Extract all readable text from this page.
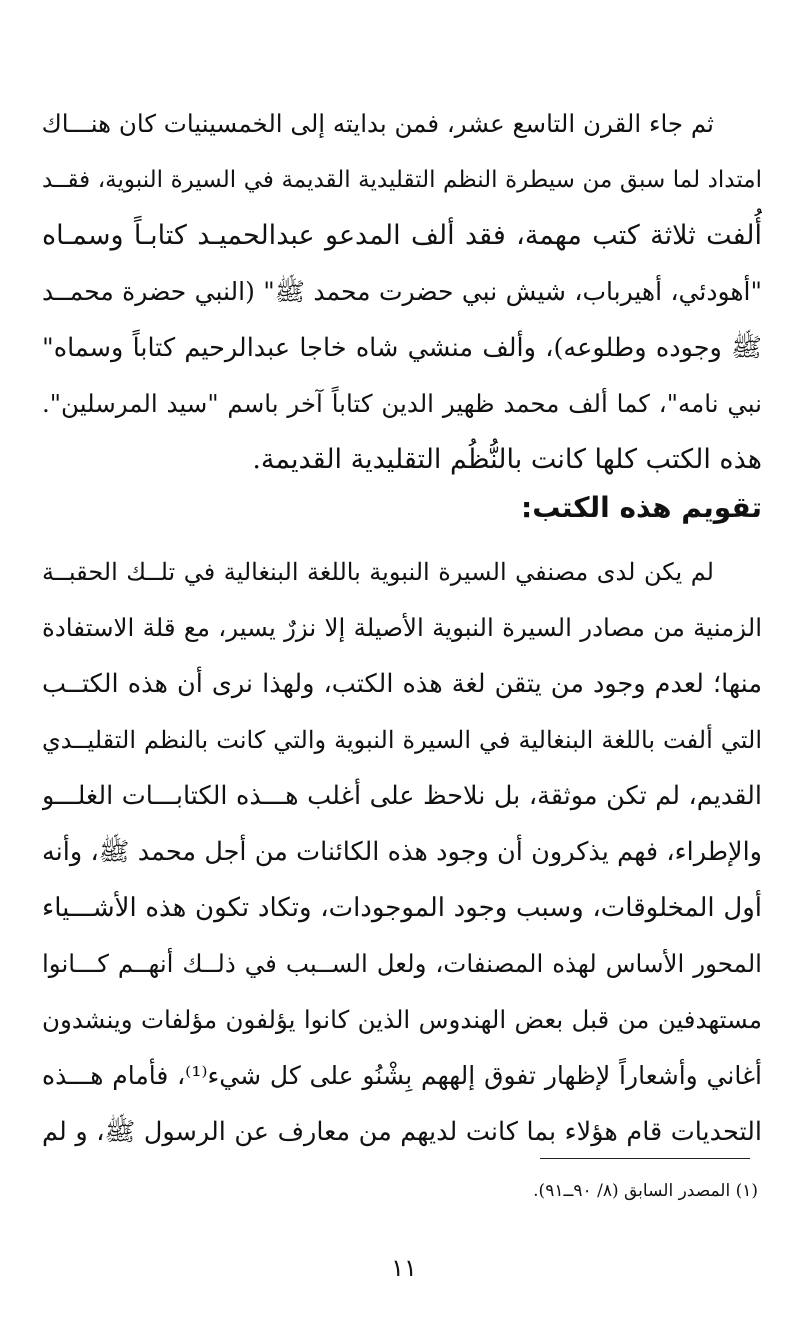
ثم جاء القرن التاسع عشر، فمن بدايته إلى الخمسينيات كان هنـــاك
امتداد لما سبق من سيطرة النظم التقليدية القديمة في السيرة النبوية، فقــد
أُلفت ثلاثة كتب مهمة، فقد ألف المدعو عبدالحميـد كتابـاً وسمـاه
"أهودئي، أهيرباب، شيش نبي حضرت محمد ﷺ" (النبي حضرة محمــد
ﷺ وجوده وطلوعه)، وألف منشي شاه خاجا عبدالرحيم كتاباً وسماه"
نبي نامه"، كما ألف محمد ظهير الدين كتاباً آخر باسم "سيد المرسلين".
هذه الكتب كلها كانت بالنُّظُم التقليدية القديمة.
تقويم هذه الكتب:
لم يكن لدى مصنفي السيرة النبوية باللغة البنغالية في تلــك الحقبــة
الزمنية من مصادر السيرة النبوية الأصيلة إلا نزرٌ يسير، مع قلة الاستفادة
منها؛ لعدم وجود من يتقن لغة هذه الكتب، ولهذا نرى أن هذه الكتــب
التي ألفت باللغة البنغالية في السيرة النبوية والتي كانت بالنظم التقليــدي
القديم، لم تكن موثقة، بل نلاحظ على أغلب هـــذه الكتابـــات الغلـــو
والإطراء، فهم يذكرون أن وجود هذه الكائنات من أجل محمد ﷺ، وأنه
أول المخلوقات، وسبب وجود الموجودات، وتكاد تكون هذه الأشـــياء
المحور الأساس لهذه المصنفات، ولعل الســبب في ذلــك أنهــم كـــانوا
مستهدفين من قبل بعض الهندوس الذين كانوا يؤلفون مؤلفات وينشدون
أغاني وأشعاراً لإظهار تفوق إلههم بِشْنُو على كل شيء⁽¹⁾، فأمام هـــذه
التحديات قام هؤلاء بما كانت لديهم من معارف عن الرسول ﷺ، و لم
(١) المصدر السابق (٨/ ٩٠ــ٩١).
١١
